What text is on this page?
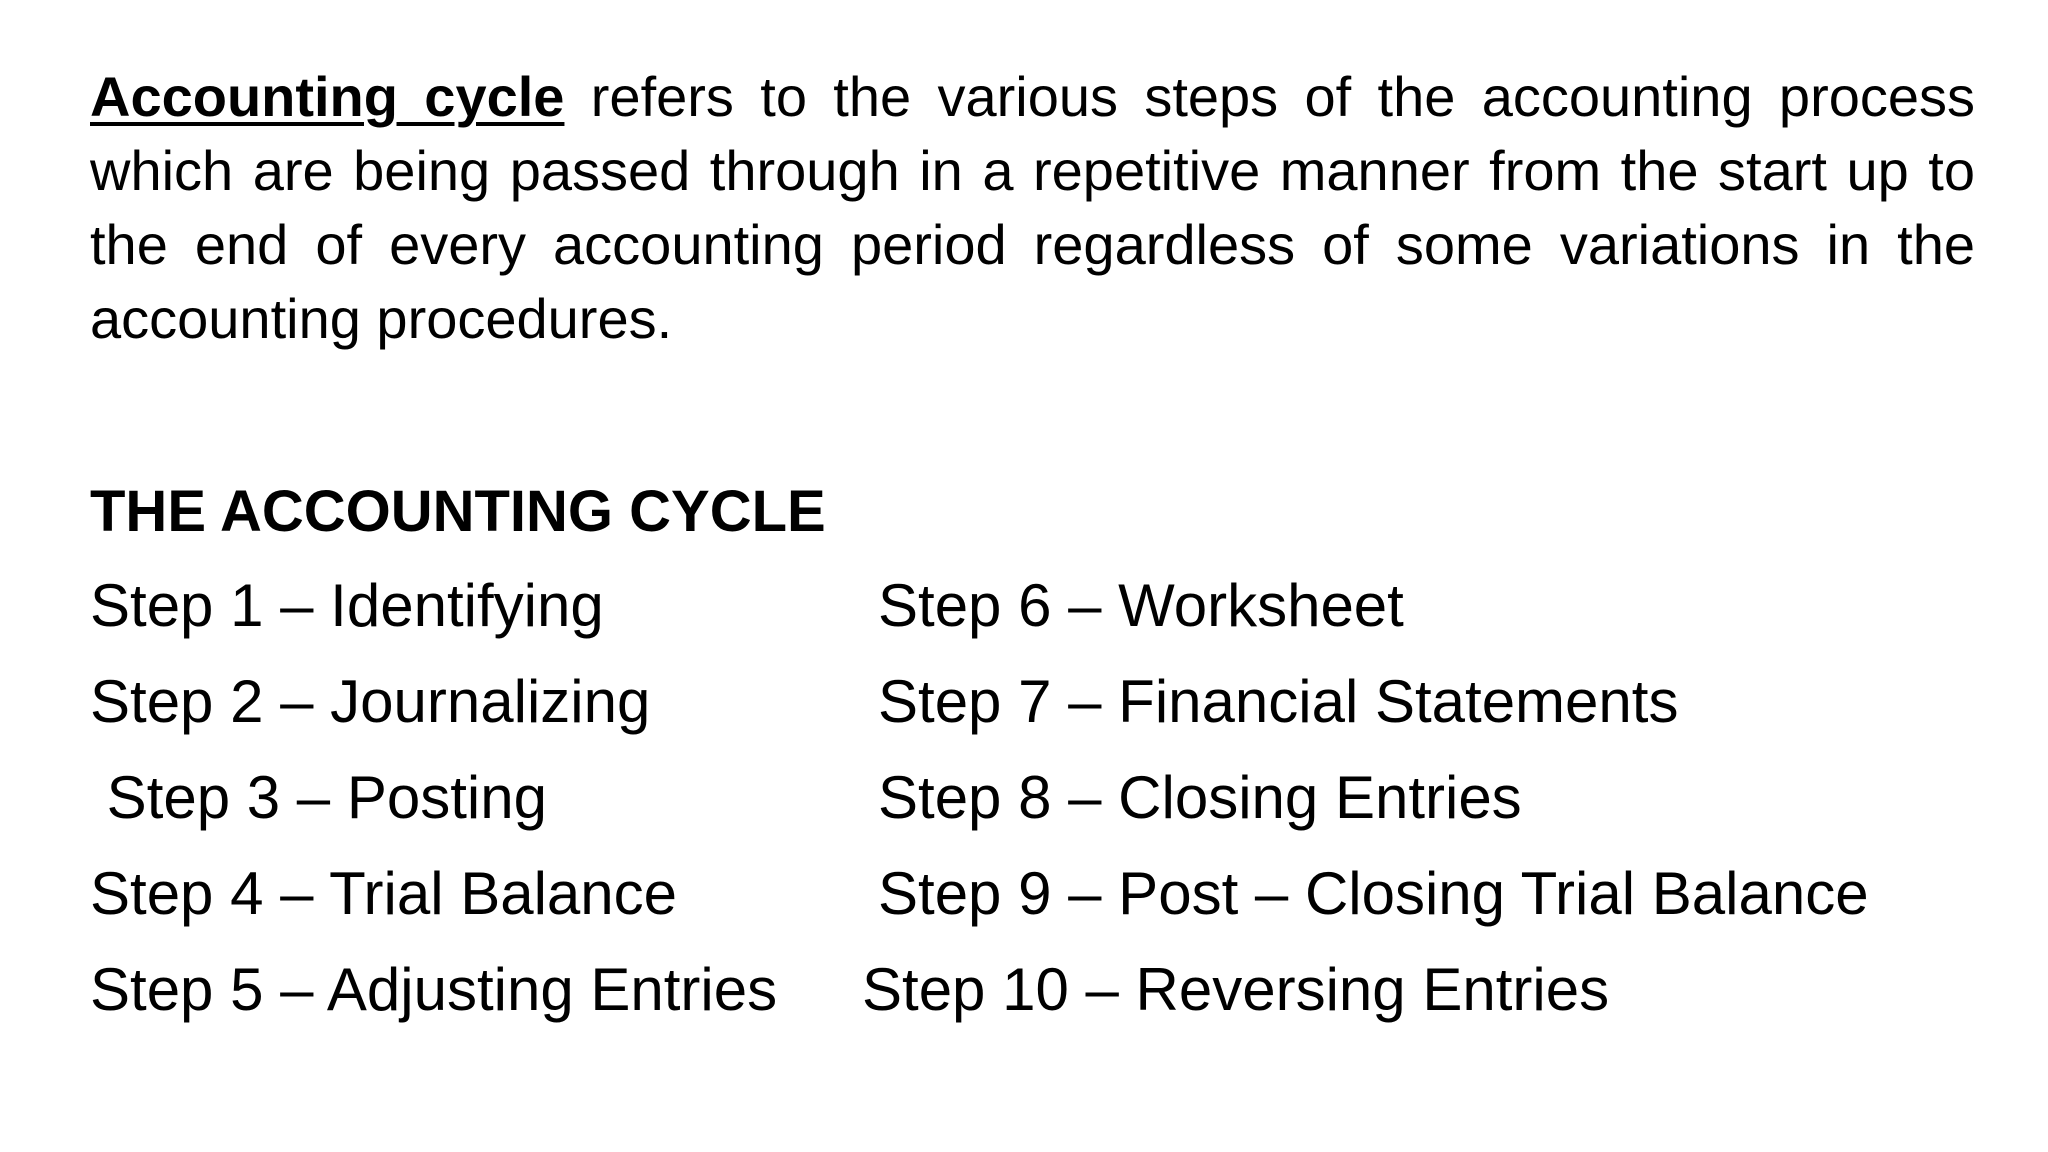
Accounting cycle refers to the various steps of the accounting process which are being passed through in a repetitive manner from the start up to the end of every accounting period regardless of some variations in the accounting procedures.

THE ACCOUNTING CYCLE
Step 1 – Identifying
Step 2 – Journalizing
Step 3 – Posting
Step 4 – Trial Balance
Step 5 – Adjusting Entries
Step 6 – Worksheet
Step 7 – Financial Statements
Step 8 – Closing Entries
Step 9 – Post – Closing Trial Balance
Step 10 – Reversing Entries
